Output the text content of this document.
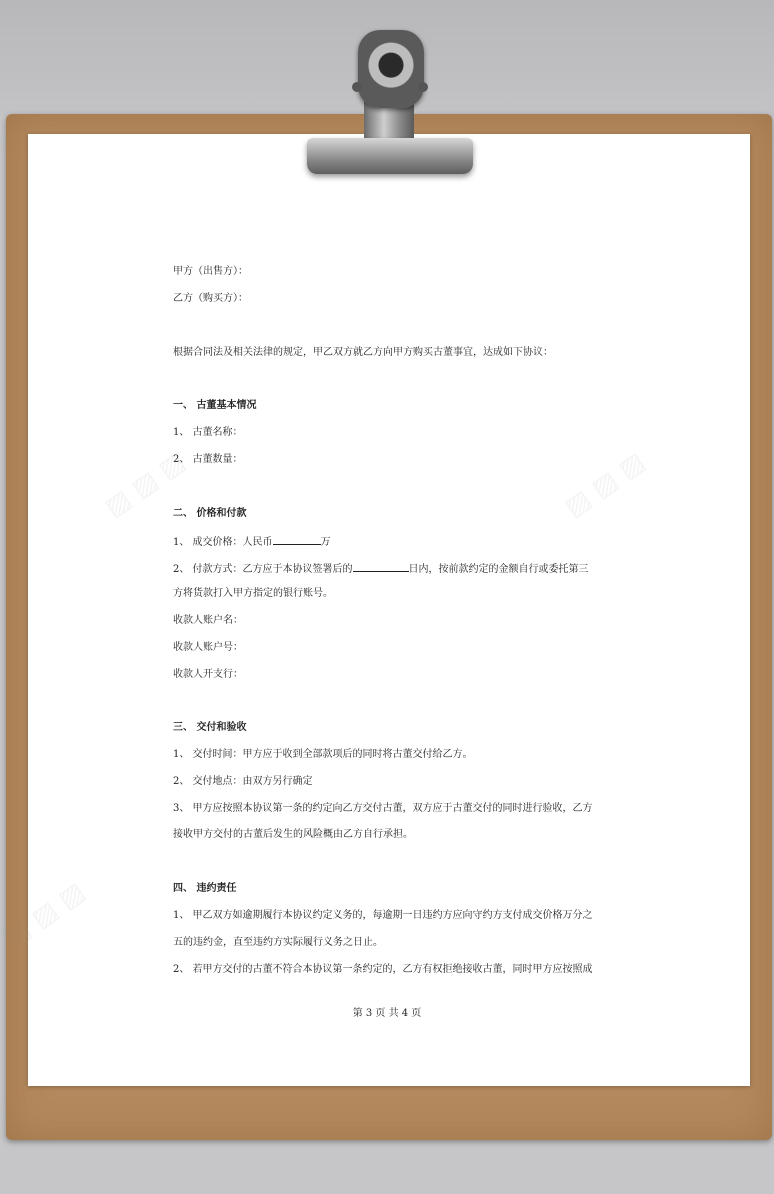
▨ ▨ ▨	▨ ▨ ▨
▨ ▨ ▨
甲方（出售方）：
乙方（购买方）：
根据合同法及相关法律的规定，甲乙双方就乙方向甲方购买古董事宜，达成如下协议：
一、 古董基本情况
1、 古董名称：
2、 古董数量：
二、 价格和付款
1、 成交价格：人民币	万
2、 付款方式：乙方应于本协议签署后的	日内，按前款约定的金额自行或委托第三
方将货款打入甲方指定的银行账号。
收款人账户名：
收款人账户号：
收款人开支行：
三、 交付和验收
1、 交付时间：甲方应于收到全部款项后的同时将古董交付给乙方。
2、 交付地点：由双方另行确定
3、 甲方应按照本协议第一条的约定向乙方交付古董，双方应于古董交付的同时进行验收，乙方
接收甲方交付的古董后发生的风险概由乙方自行承担。
四、 违约责任
1、 甲乙双方如逾期履行本协议约定义务的，每逾期一日违约方应向守约方支付成交价格万分之
五的违约金，直至违约方实际履行义务之日止。
2、 若甲方交付的古董不符合本协议第一条约定的，乙方有权拒绝接收古董，同时甲方应按照成
第 3 页 共 4 页
